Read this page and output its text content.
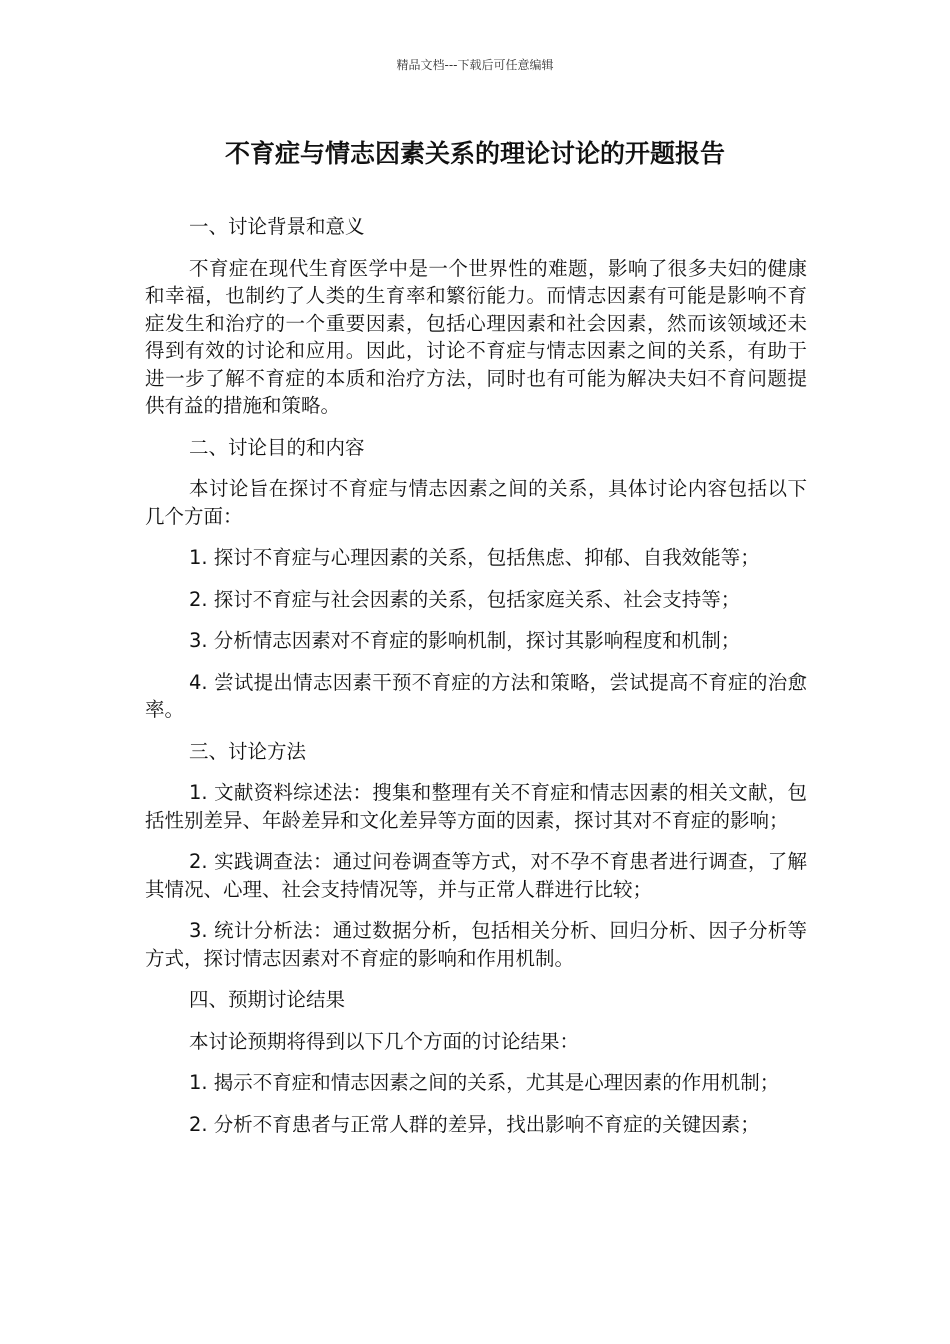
精品文档---下载后可任意编辑
不育症与情志因素关系的理论讨论的开题报告

一、讨论背景和意义

不育症在现代生育医学中是一个世界性的难题，影响了很多夫妇的健康和幸福，也制约了人类的生育率和繁衍能力。而情志因素有可能是影响不育症发生和治疗的一个重要因素，包括心理因素和社会因素，然而该领域还未得到有效的讨论和应用。因此，讨论不育症与情志因素之间的关系，有助于进一步了解不育症的本质和治疗方法，同时也有可能为解决夫妇不育问题提供有益的措施和策略。

二、讨论目的和内容

本讨论旨在探讨不育症与情志因素之间的关系，具体讨论内容包括以下几个方面：

1. 探讨不育症与心理因素的关系，包括焦虑、抑郁、自我效能等；

2. 探讨不育症与社会因素的关系，包括家庭关系、社会支持等；

3. 分析情志因素对不育症的影响机制，探讨其影响程度和机制；

4. 尝试提出情志因素干预不育症的方法和策略，尝试提高不育症的治愈率。

三、讨论方法

1. 文献资料综述法：搜集和整理有关不育症和情志因素的相关文献，包括性别差异、年龄差异和文化差异等方面的因素，探讨其对不育症的影响；

2. 实践调查法：通过问卷调查等方式，对不孕不育患者进行调查，了解其情况、心理、社会支持情况等，并与正常人群进行比较；

3. 统计分析法：通过数据分析，包括相关分析、回归分析、因子分析等方式，探讨情志因素对不育症的影响和作用机制。

四、预期讨论结果

本讨论预期将得到以下几个方面的讨论结果：

1. 揭示不育症和情志因素之间的关系，尤其是心理因素的作用机制；

2. 分析不育患者与正常人群的差异，找出影响不育症的关键因素；
